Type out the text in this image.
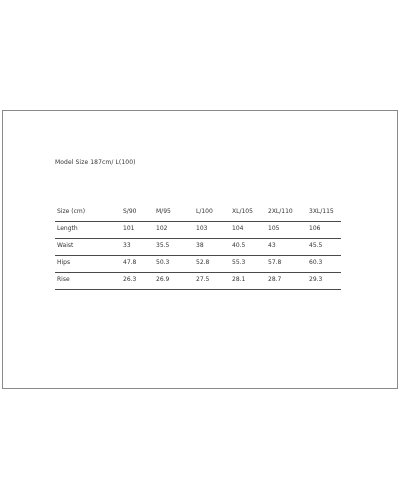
Model Size 187cm/ L(100)
Size (cm)	S/90	M/95	L/100	XL/105	2XL/110	3XL/115
Length	101	102	103	104	105	106
Waist	33	35.5	38	40.5	43	45.5
Hips	47.8	50.3	52.8	55.3	57.8	60.3
Rise	26.3	26.9	27.5	28.1	28.7	29.3
